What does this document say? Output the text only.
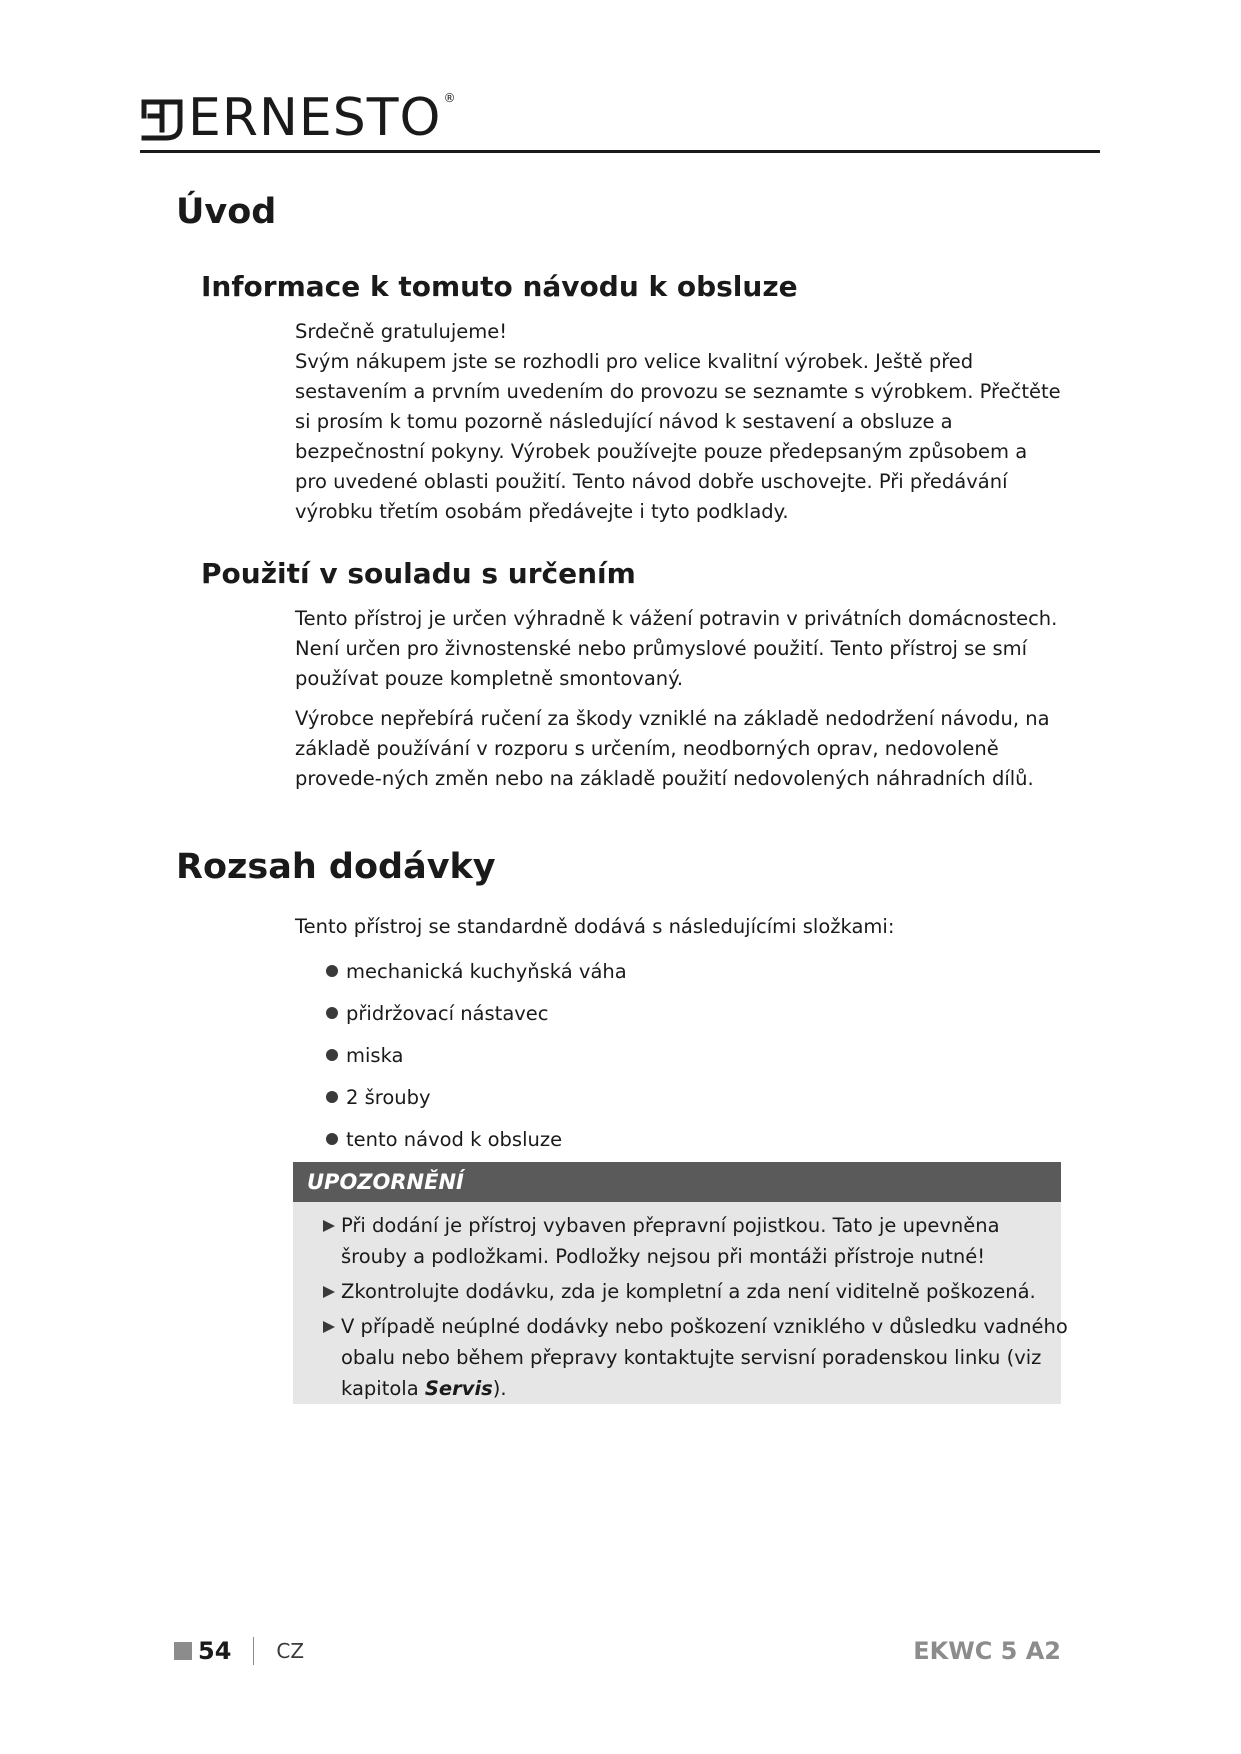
ERNESTO ®
Úvod
Informace k tomuto návodu k obsluze

Srdečně gratulujeme!

Svým nákupem jste se rozhodli pro velice kvalitní výrobek. Ještě před sestavením a prvním uvedením do provozu se seznamte s výrobkem. Přečtěte si prosím k tomu pozorně následující návod k sestavení a obsluze a bezpečnostní pokyny. Výrobek používejte pouze předepsaným způsobem a pro uvedené oblasti použití. Tento návod dobře uschovejte. Při předávání výrobku třetím osobám předávejte i tyto podklady.

Použití v souladu s určením

Tento přístroj je určen výhradně k vážení potravin v privátních domácnostech. Není určen pro živnostenské nebo průmyslové použití. Tento přístroj se smí používat pouze kompletně smontovaný.

Výrobce nepřebírá ručení za škody vzniklé na základě nedodržení návodu, na základě používání v rozporu s určením, neodborných oprav, nedovoleně provede-ných změn nebo na základě použití nedovolených náhradních dílů.

Rozsah dodávky
Tento přístroj se standardně dodává s následujícími složkami:
mechanická kuchyňská váha
přidržovací nástavec
miska
2 šrouby
tento návod k obsluze
UPOZORNĚNÍ
Při dodání je přístroj vybaven přepravní pojistkou. Tato je upevněna šrouby a podložkami. Podložky nejsou při montáži přístroje nutné!
Zkontrolujte dodávku, zda je kompletní a zda není viditelně poškozená.
V případě neúplné dodávky nebo poškození vzniklého v důsledku vadného obalu nebo během přepravy kontaktujte servisní poradenskou linku (viz kapitola Servis).
54 CZ	EKWC 5 A2
